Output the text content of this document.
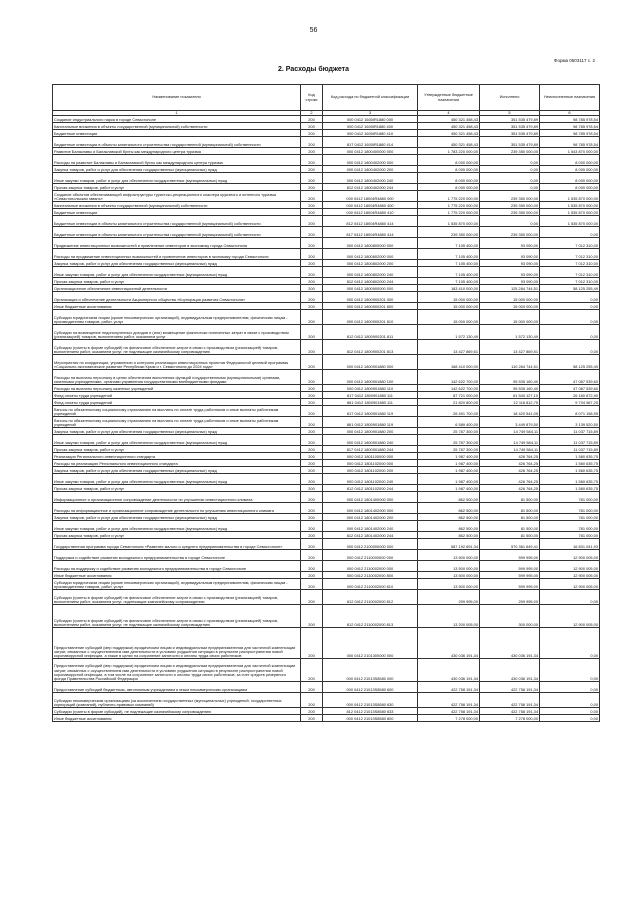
56
Форма 0503117 с. 2
2. Расходы бюджета
Наименование показателя	Код строки	Код расхода по бюджетной классификации	Утвержденные бюджетные назначения	Исполнено	Неисполненные назначения
1	2	3	4	5	6
Создание индустриального парка в городе Севастополе	200	000 0412 1600IR1880 000	450 321 458,43	351 535 479,89	98 785 978,54
Капитальные вложения в объекты государственной (муниципальной) собственности	200	000 0412 1600IR1880 400	450 321 458,43	351 535 479,89	98 785 978,54
Бюджетные инвестиции	200	000 0412 1600IR1880 410	450 321 458,43	351 535 479,89	98 785 978,54
Бюджетные инвестиции в объекты капитального строительства государственной (муниципальной) собственности	200	817 0412 1600IR1880 414	450 321 458,43	351 535 479,89	98 785 978,54
Развитие Балаклавы и Балаклавской бухты как международного центра туризма	200	000 0412 1800400000 000	1 783 220 000,00	239 350 000,00	1 543 870 000,00
Расходы на развитие Балаклавы и Балаклавской бухты как международного центра туризма	200	000 0412 1800402000 000	8 000 000,00	0,00	8 000 000,00
Закупка товаров, работ и услуг для обеспечения государственных (муниципальных) нужд	200	000 0412 1800402000 200	8 000 000,00	0,00	8 000 000,00
Иные закупки товаров, работ и услуг для обеспечения государственных (муниципальных) нужд	200	000 0412 1800402000 240	8 000 000,00	0,00	8 000 000,00
Прочая закупка товаров, работ и услуг	200	812 0412 1800402000 244	8 000 000,00	0,00	8 000 000,00
Создание объектов обеспечивающей инфраструктуры туристско-рекреационного кластера круизного и яхтенного туризма «Севастопольская гавань»	200	000 0412 18004R4880 000	1 775 220 000,00	239 350 000,00	1 535 870 000,00
Капитальные вложения в объекты государственной (муниципальной) собственности	200	000 0412 18004R4880 400	1 775 220 000,00	239 350 000,00	1 535 870 000,00
Бюджетные инвестиции	200	000 0412 18004R4880 410	1 775 220 000,00	239 350 000,00	1 535 870 000,00
Бюджетные инвестиции в объекты капитального строительства государственной (муниципальной) собственности	200	812 0412 18004R4880 414	1 535 870 000,00	0,00	1 535 870 000,00
Бюджетные инвестиции в объекты капитального строительства государственной (муниципальной) собственности	200	817 0412 18004R4880 414	239 350 000,00	239 350 000,00	0,00
Продвижение инвестиционных возможностей и привлечение инвесторов в экономику города Севастополя	200	000 0412 1800800000 000	7 105 400,00	93 090,00	7 012 310,00
Расходы на продвижение инвестиционных возможностей и привлечение инвесторов в экономику города Севастополя	200	000 0412 1800802000 000	7 105 400,00	93 090,00	7 012 310,00
Закупка товаров, работ и услуг для обеспечения государственных (муниципальных) нужд	200	000 0412 1800802000 200	7 105 400,00	93 090,00	7 012 310,00
Иные закупки товаров, работ и услуг для обеспечения государственных (муниципальных) нужд	200	000 0412 1800802000 240	7 105 400,00	93 090,00	7 012 310,00
Прочая закупка товаров, работ и услуг	200	812 0412 1800802000 244	7 105 400,00	93 090,00	7 012 310,00
Организационное обеспечение инвестиционной деятельности	200	000 0412 1800900000 000	183 410 000,00	125 284 744,51	58 125 255,49
Организация и обеспечение деятельности Акционерного общества «Корпорация развития Севастополя»	200	000 0412 1800900201 000	15 000 000,00	15 000 000,00	0,00
Иные бюджетные ассигнования	200	000 0412 1800900201 800	15 000 000,00	15 000 000,00	0,00
Субсидии юридическим лицам (кроме некоммерческих организаций), индивидуальным предпринимателям, физическим лицам - производителям товаров, работ, услуг	200	000 0412 1800900201 810	15 000 000,00	15 000 000,00	0,00
Субсидии на возмещение недополученных доходов и (или) возмещение фактически понесенных затрат в связи с производством (реализацией) товаров, выполнением работ, оказанием услуг	200	812 0412 1800900201 811	1 572 130,49	1 572 130,49	0,00
Субсидии (гранты в форме субсидий) на финансовое обеспечение затрат в связи с производством (реализацией) товаров, выполнением работ, оказанием услуг, не подлежащие казначейскому сопровождению	200	812 0412 1800900201 813	13 427 869,51	13 427 869,51	0,00
Мероприятия по координации, управлению и контролю реализации инвестиционных проектов Федеральной целевой программы «Социально-экономическое развитие Республики Крым и г. Севастополя до 2024 года»	200	000 0412 1800901880 000	168 410 000,00	110 284 744,51	58 125 255,49
Расходы на выплаты персоналу в целях обеспечения выполнения функций государственными (муниципальными) органами, казенными учреждениями, органами управления государственными внебюджетными фондами	200	000 0412 1800901880 100	142 622 700,00	95 535 160,40	47 087 539,60
Расходы на выплаты персоналу казенных учреждений	200	000 0412 1800901880 110	142 622 700,00	95 535 160,40	47 087 539,60
Фонд оплаты труда учреждений	200	817 0412 1800901880 111	87 721 000,00	61 540 127,10	26 180 872,90
Фонд оплаты труда учреждений	200	861 0412 1800901880 111	21 820 800,00	12 116 812,75	9 704 987,25
Взносы по обязательному социальному страхованию на выплаты по оплате труда работников и иные выплаты работникам учреждений	200	817 0412 1800901880 119	26 491 700,00	18 420 541,05	8 071 158,95
Взносы по обязательному социальному страхованию на выплаты по оплате труда работников и иные выплаты работникам учреждений	200	861 0412 1800901880 119	6 589 400,00	3 449 879,50	3 139 520,50
Закупка товаров, работ и услуг для обеспечения государственных (муниципальных) нужд	200	000 0412 1800901880 200	25 787 300,00	14 749 584,11	11 037 715,89
Иные закупки товаров, работ и услуг для обеспечения государственных (муниципальных) нужд	200	000 0412 1800901880 240	25 787 300,00	14 749 584,11	11 037 715,89
Прочая закупка товаров, работ и услуг	200	817 0412 1800901880 244	25 787 300,00	14 749 584,11	11 037 715,89
Реализация Регионального инвестиционного стандарта	200	000 0412 1801100000 000	1 987 400,00	426 764,25	1 560 635,75
Расходы на реализацию Регионального инвестиционного стандарта	200	000 0412 1801102000 000	1 987 400,00	426 764,25	1 560 635,75
Закупка товаров, работ и услуг для обеспечения государственных (муниципальных) нужд	200	000 0412 1801102000 200	1 987 400,00	426 764,25	1 560 635,75
Иные закупки товаров, работ и услуг для обеспечения государственных (муниципальных) нужд	200	000 0412 1801102000 240	1 987 400,00	426 764,25	1 560 635,75
Прочая закупка товаров, работ и услуг	200	812 0412 1801102000 244	1 987 400,00	426 764,25	1 560 635,75
Информационное и организационное сопровождение деятельности по улучшению инвестиционного климата	200	000 0412 1801400000 000	862 500,00	81 500,00	781 000,00
Расходы на информационное и организационное сопровождение деятельности по улучшению инвестиционного климата	200	000 0412 1801402000 000	862 500,00	81 500,00	781 000,00
Закупка товаров, работ и услуг для обеспечения государственных (муниципальных) нужд	200	000 0412 1801402000 200	862 500,00	81 500,00	781 000,00
Иные закупки товаров, работ и услуг для обеспечения государственных (муниципальных) нужд	200	000 0412 1801402000 240	862 500,00	81 500,00	781 000,00
Прочая закупка товаров, работ и услуг	200	812 0412 1801402000 244	862 500,00	81 500,00	781 000,00
Государственная программа города Севастополя «Развитие малого и среднего предпринимательства в городе Севастополе»	200	000 0412 2100000000 000	587 192 691,34	570 361 649,41	16 831 041,93
Поддержка и содействие развитию молодежного предпринимательства в городе Севастополе	200	000 0412 2110000000 000	13 500 000,00	599 995,00	12 900 005,00
Расходы на поддержку и содействие развитию молодежного предпринимательства в городе Севастополе	200	000 0412 2110002000 000	13 500 000,00	599 995,00	12 900 005,00
Иные бюджетные ассигнования	200	000 0412 2110002000 800	13 500 000,00	599 995,00	12 900 005,00
Субсидии юридическим лицам (кроме некоммерческих организаций), индивидуальным предпринимателям, физическим лицам - производителям товаров, работ, услуг	200	000 0412 2110002000 810	13 500 000,00	599 995,00	12 900 005,00
Субсидии (гранты в форме субсидий) на финансовое обеспечение затрат в связи с производством (реализацией) товаров, выполнением работ, оказанием услуг, подлежащие казначейскому сопровождению	200	812 0412 2110002000 812	299 995,00	299 995,00	0,00
Субсидии (гранты в форме субсидий) на финансовое обеспечение затрат в связи с производством (реализацией) товаров, выполнением работ, оказанием услуг, не подлежащие казначейскому сопровождению	200	812 0412 2110002000 813	13 200 005,00	300 000,00	12 900 005,00
Предоставление субсидий (мер поддержки) юридическим лицам и индивидуальным предпринимателям для частичной компенсации затрат, связанных с осуществлением ими деятельности в условиях ухудшения ситуации в результате распространения новой коронавирусной инфекции, а также в целях на сохранение занятости и оплаты труда своих работников	200	000 0412 2101300000 000	430 036 191,34	430 036 191,34	0,00
Предоставление субсидий (мер поддержки) юридическим лицам и индивидуальным предпринимателям для частичной компенсации затрат, связанных с осуществлением ими деятельности в условиях ухудшения ситуации в результате распространения новой коронавирусной инфекции, в том числе на сохранение занятости и оплаты труда своих работников, за счет средств резервного фонда Правительства Российской Федерации	200	000 0412 21013S8580 000	430 036 191,34	430 036 191,34	0,00
Предоставление субсидий бюджетным, автономным учреждениям и иным некоммерческим организациям	200	000 0412 21013S8580 600	422 758 191,34	422 758 191,34	0,00
Субсидии некоммерческим организациям (за исключением государственных (муниципальных) учреждений, государственных корпораций (компаний), публично-правовых компаний)	200	000 0412 21013S8580 630	422 758 191,34	422 758 191,34	0,00
Субсидии (гранты в форме субсидий), не подлежащие казначейскому сопровождению	200	812 0412 21013S8580 633	422 758 191,34	422 758 191,34	0,00
Иные бюджетные ассигнования	200	000 0412 21013S8580 800	7 278 000,00	7 278 000,00	0,00
